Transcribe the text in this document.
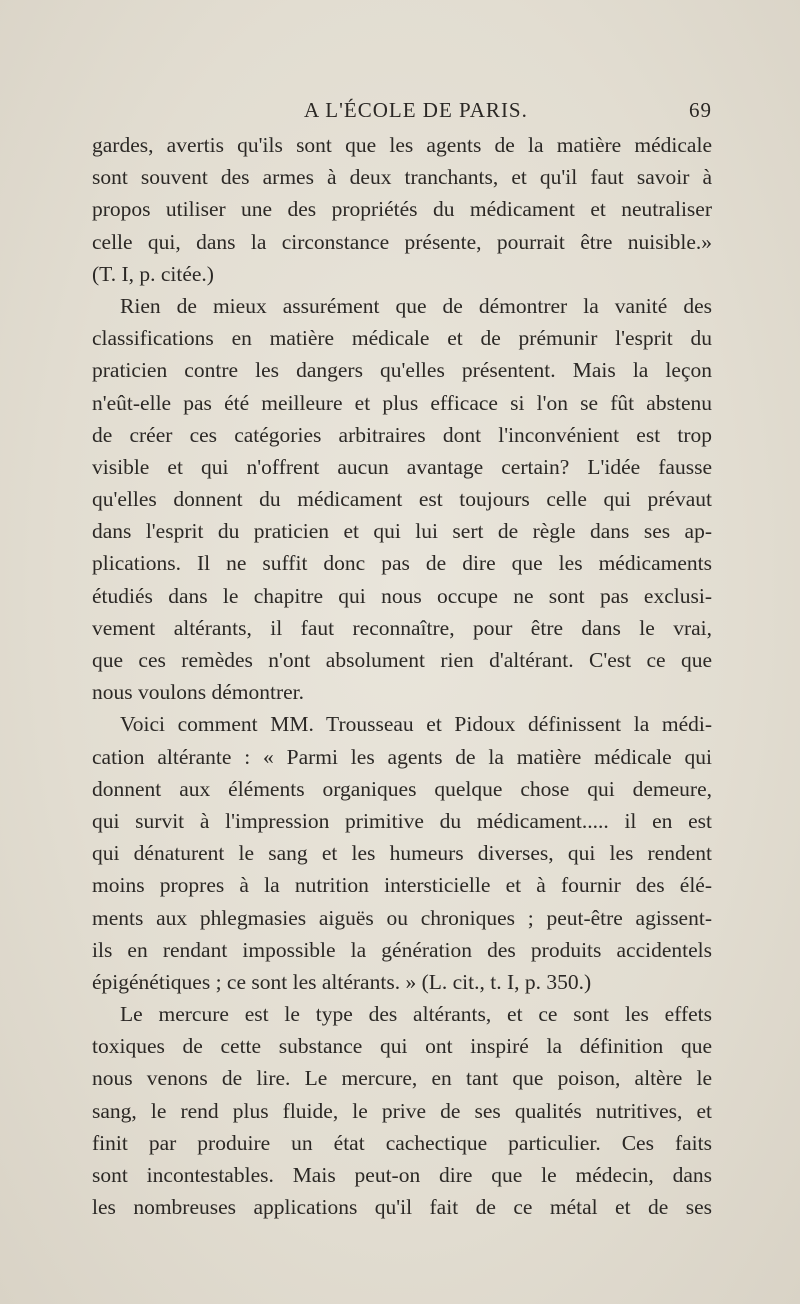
A L'ÉCOLE DE PARIS.	69
gardes, avertis qu'ils sont que les agents de la matière médicale
sont souvent des armes à deux tranchants, et qu'il faut savoir à
propos utiliser une des propriétés du médicament et neutraliser
celle qui, dans la circonstance présente, pourrait être nuisible.»
(T. I, p. citée.)
Rien de mieux assurément que de démontrer la vanité des
classifications en matière médicale et de prémunir l'esprit du
praticien contre les dangers qu'elles présentent. Mais la leçon
n'eût-elle pas été meilleure et plus efficace si l'on se fût abstenu
de créer ces catégories arbitraires dont l'inconvénient est trop
visible et qui n'offrent aucun avantage certain? L'idée fausse
qu'elles donnent du médicament est toujours celle qui prévaut
dans l'esprit du praticien et qui lui sert de règle dans ses ap-
plications. Il ne suffit donc pas de dire que les médicaments
étudiés dans le chapitre qui nous occupe ne sont pas exclusi-
vement altérants, il faut reconnaître, pour être dans le vrai,
que ces remèdes n'ont absolument rien d'altérant. C'est ce que
nous voulons démontrer.
Voici comment MM. Trousseau et Pidoux définissent la médi-
cation altérante : « Parmi les agents de la matière médicale qui
donnent aux éléments organiques quelque chose qui demeure,
qui survit à l'impression primitive du médicament..... il en est
qui dénaturent le sang et les humeurs diverses, qui les rendent
moins propres à la nutrition intersticielle et à fournir des élé-
ments aux phlegmasies aiguës ou chroniques ; peut-être agissent-
ils en rendant impossible la génération des produits accidentels
épigénétiques ; ce sont les altérants. » (L. cit., t. I, p. 350.)
Le mercure est le type des altérants, et ce sont les effets
toxiques de cette substance qui ont inspiré la définition que
nous venons de lire. Le mercure, en tant que poison, altère le
sang, le rend plus fluide, le prive de ses qualités nutritives, et
finit par produire un état cachectique particulier. Ces faits
sont incontestables. Mais peut-on dire que le médecin, dans
les nombreuses applications qu'il fait de ce métal et de ses
